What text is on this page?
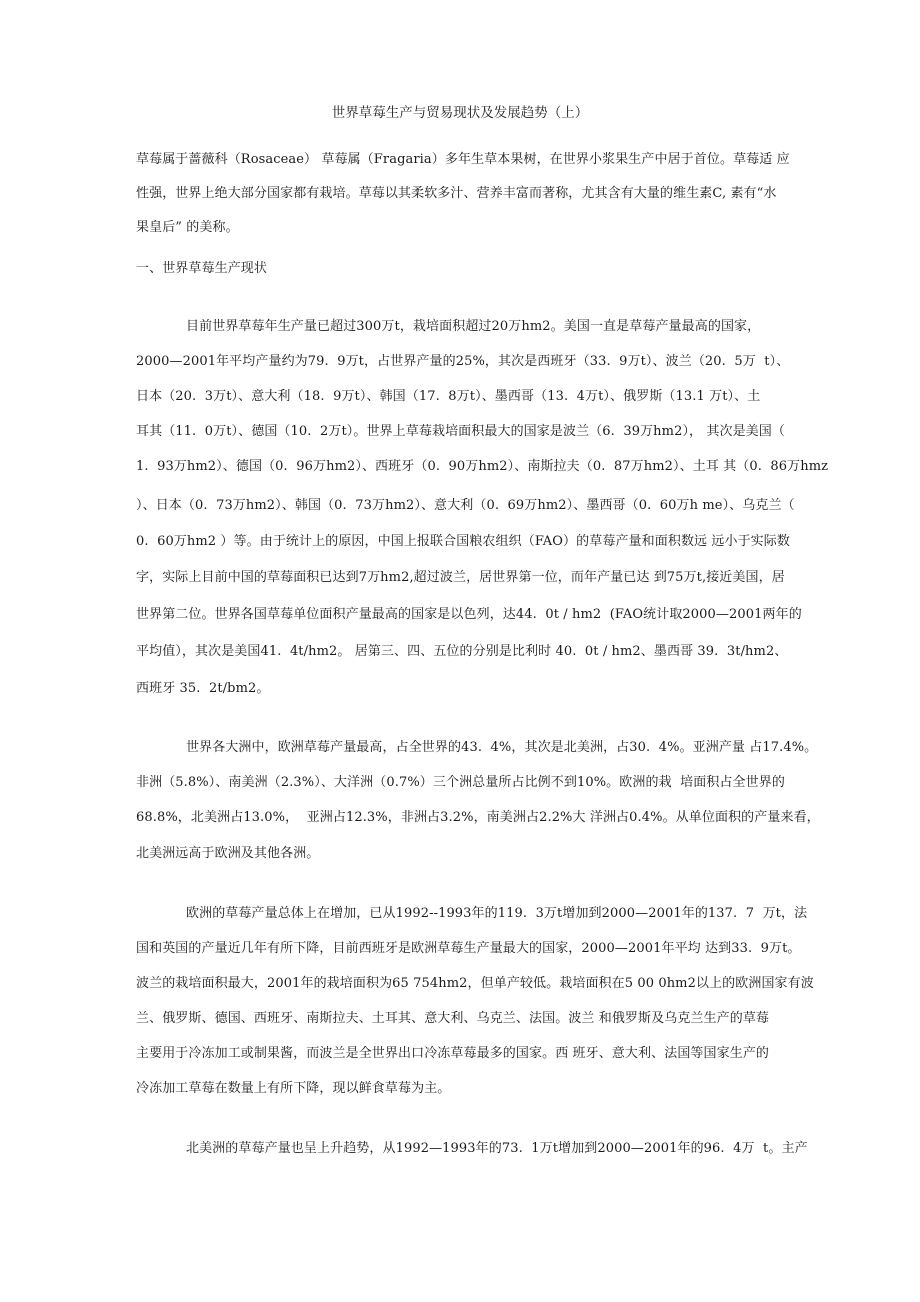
世界草莓生产与贸易现状及发展趋势（上）
草莓属于蔷薇科（Rosaceae） 草莓属（Fragaria）多年生草本果树，在世界小浆果生产中居于首位。草莓适 应
性强，世界上绝大部分国家都有栽培。草莓以其柔软多汁、营养丰富而著称，尤其含有大量的维生素C, 素有“水
果皇后” 的美称。
一、世界草莓生产现状
目前世界草莓年生产量已超过300万t，栽培面积超过20万hm2。美国一直是草莓产量最高的国家，
2000—2001年平均产量约为79.  9万t，占世界产量的25%，其次是西班牙（33.  9万t）、波兰（20.  5万  t）、
日本（20.  3万t）、意大利（18.  9万t）、韩国（17.  8万t）、墨西哥（13.  4万t）、俄罗斯（13.1 万t）、土
耳其（11.  0万t）、德国（10.  2万t）。世界上草莓栽培面积最大的国家是波兰（6.  39万hm2）， 其次是美国（
1.  93万hm2）、德国（0.  96万hm2）、西班牙（0.  90万hm2）、南斯拉夫（0.  87万hm2）、土耳 其（0.  86万hmz
）、日本（0.  73万hm2）、韩国（0.  73万hm2）、意大利（0.  69万hm2）、墨西哥（0.  60万h me）、乌克兰（
0.  60万hm2 ）等。由于统计上的原因，中国上报联合国粮农组织（FAO）的草莓产量和面积数远 远小于实际数
字，实际上目前中国的草莓面积已达到7万hm2,超过波兰，居世界第一位，而年产量已达 到75万t,接近美国，居
世界第二位。世界各国草莓单位面积产量最高的国家是以色列，达44.  0t / hm2  (FAO统计取2000—2001两年的
平均值），其次是美国41.  4t/hm2。 居第三、四、五位的分别是比利时 40.  0t / hm2、墨西哥 39.  3t/hm2、
西班牙 35.  2t/bm2。
世界各大洲中，欧洲草莓产量最高，占全世界的43.  4%，其次是北美洲，占30.  4%。亚洲产量 占17.4%。
非洲（5.8%）、南美洲（2.3%）、大洋洲（0.7%）三个洲总量所占比例不到10%。欧洲的栽  培面积占全世界的
68.8%，北美洲占13.0%，  亚洲占12.3%，非洲占3.2%，南美洲占2.2%大 洋洲占0.4%。从单位面积的产量来看，
北美洲远高于欧洲及其他各洲。
欧洲的草莓产量总体上在增加，已从1992--1993年的119.  3万t增加到2000—2001年的137.  7  万t，法
国和英国的产量近几年有所下降，目前西班牙是欧洲草莓生产量最大的国家，2000—2001年平均 达到33.  9万t。
波兰的栽培面积最大，2001年的栽培面积为65 754hm2，但单产较低。栽培面积在5 00 0hm2以上的欧洲国家有波
兰、俄罗斯、德国、西班牙、南斯拉夫、土耳其、意大利、乌克兰、法国。波兰 和俄罗斯及乌克兰生产的草莓
主要用于冷冻加工或制果酱，而波兰是全世界出口冷冻草莓最多的国家。西 班牙、意大利、法国等国家生产的
冷冻加工草莓在数量上有所下降，现以鲜食草莓为主。
北美洲的草莓产量也呈上升趋势，从1992—1993年的73.  1万t增加到2000—2001年的96.  4万  t。主产
